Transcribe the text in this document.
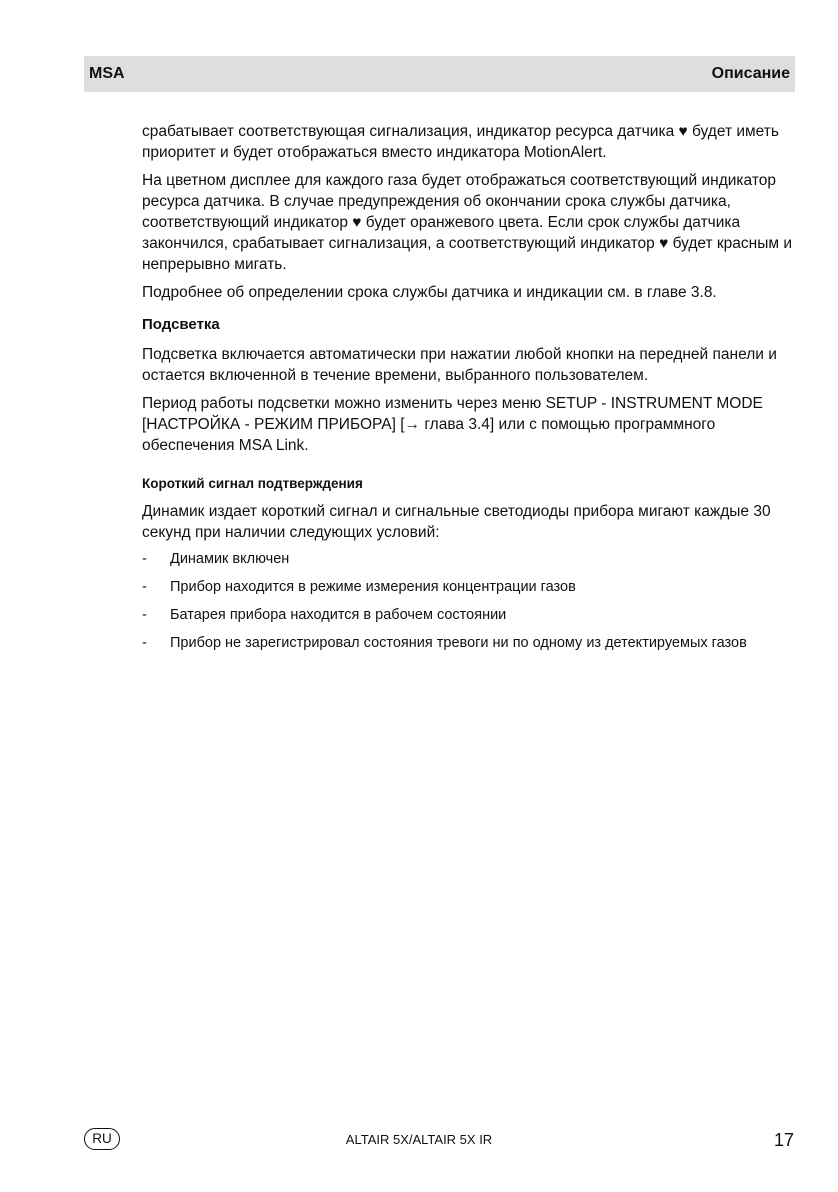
MSA	Описание

срабатывает соответствующая сигнализация, индикатор ресурса датчика ♥ будет иметь приоритет и будет отображаться вместо индикатора MotionAlert.

На цветном дисплее для каждого газа будет отображаться соответствующий индикатор ресурса датчика. В случае предупреждения об окончании срока службы датчика, соответствующий индикатор ♥ будет оранжевого цвета. Если срок службы датчика закончился, срабатывает сигнализация, а соответствующий индикатор ♥ будет красным и непрерывно мигать.

Подробнее об определении срока службы датчика и индикации см. в главе 3.8.

Подсветка

Подсветка включается автоматически при нажатии любой кнопки на передней панели и остается включенной в течение времени, выбранного пользователем.

Период работы подсветки можно изменить через меню SETUP - INSTRUMENT MODE [НАСТРОЙКА - РЕЖИМ ПРИБОРА] [→ глава 3.4] или с помощью программного обеспечения MSA Link.

Короткий сигнал подтверждения

Динамик издает короткий сигнал и сигнальные светодиоды прибора мигают каждые 30 секунд при наличии следующих условий:

- Динамик включен
- Прибор находится в режиме измерения концентрации газов
- Батарея прибора находится в рабочем состоянии
- Прибор не зарегистрировал состояния тревоги ни по одному из детектируемых газов
RU	ALTAIR 5X/ALTAIR 5X IR	17
